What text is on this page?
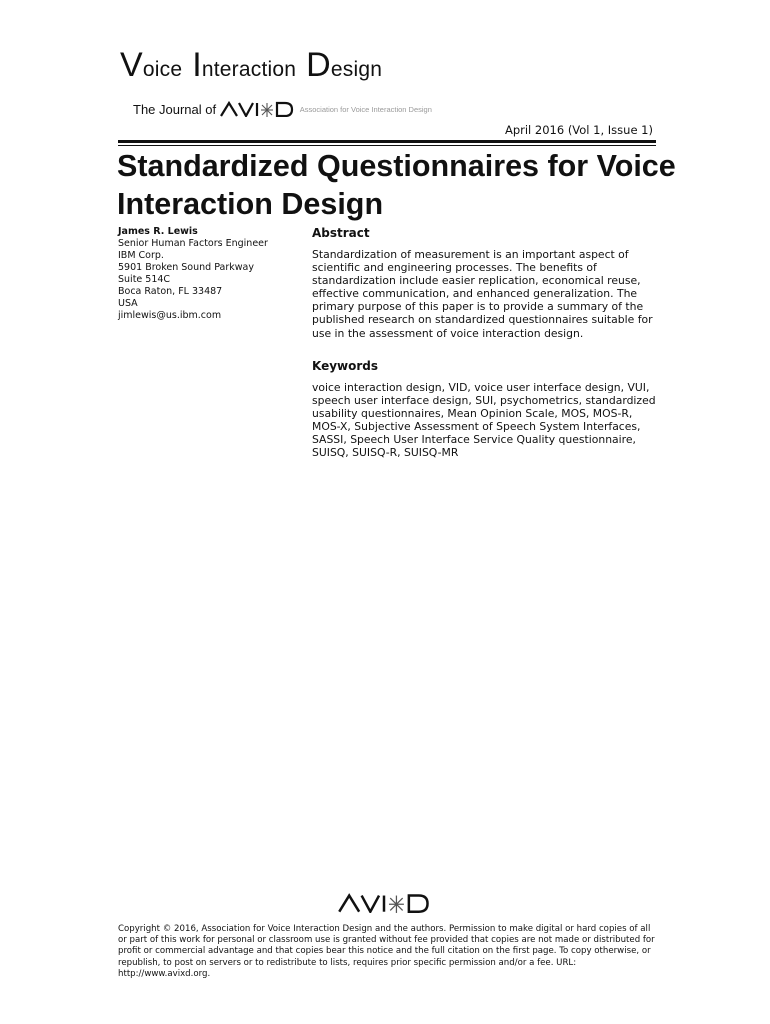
Voice Interaction Design
The Journal of
	Association for Voice Interaction Design
April 2016 (Vol 1, Issue 1)
Standardized Questionnaires for Voice Interaction Design
James R. Lewis
Senior Human Factors Engineer
IBM Corp.
5901 Broken Sound Parkway
Suite 514C
Boca Raton, FL 33487
USA
jimlewis@us.ibm.com
Abstract

Standardization of measurement is an important aspect of scientific and engineering processes. The benefits of standardization include easier replication, economical reuse, effective communication, and enhanced generalization. The primary purpose of this paper is to provide a summary of the published research on standardized questionnaires suitable for use in the assessment of voice interaction design.

Keywords

voice interaction design, VID, voice user interface design, VUI, speech user interface design, SUI, psychometrics, standardized usability questionnaires, Mean Opinion Scale, MOS, MOS-R, MOS-X, Subjective Assessment of Speech System Interfaces, SASSI, Speech User Interface Service Quality questionnaire, SUISQ, SUISQ-R, SUISQ-MR

Copyright © 2016, Association for Voice Interaction Design and the authors. Permission to make digital or hard copies of all or part of this work for personal or classroom use is granted without fee provided that copies are not made or distributed for profit or commercial advantage and that copies bear this notice and the full citation on the first page. To copy otherwise, or republish, to post on servers or to redistribute to lists, requires prior specific permission and/or a fee. URL: http://www.avixd.org.
